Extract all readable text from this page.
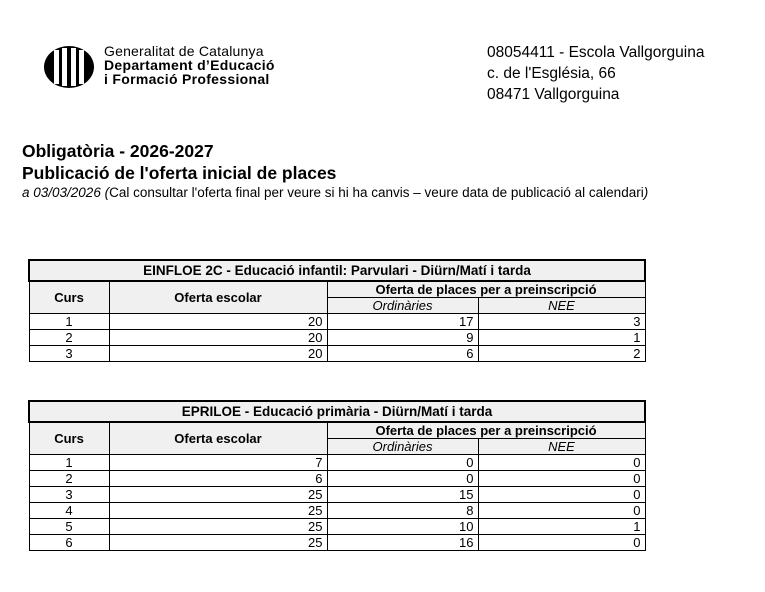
Generalitat de Catalunya
Departament d’Educació
i Formació Professional
08054411 - Escola Vallgorguina
c. de l'Església, 66
08471 Vallgorguina
Obligatòria - 2026-2027
Publicació de l'oferta inicial de places
a 03/03/2026 (Cal consultar l'oferta final per veure si hi ha canvis – veure data de publicació al calendari)
EINFLOE 2C - Educació infantil: Parvulari - Diürn/Matí i tarda			
Curs	Oferta escolar	Oferta de places per a preinscripció	
		Ordinàries	NEE
1	20	17	3
2	20	9	1
3	20	6	2
EPRILOE - Educació primària - Diürn/Matí i tarda			
Curs	Oferta escolar	Oferta de places per a preinscripció	
		Ordinàries	NEE
1	7	0	0
2	6	0	0
3	25	15	0
4	25	8	0
5	25	10	1
6	25	16	0
